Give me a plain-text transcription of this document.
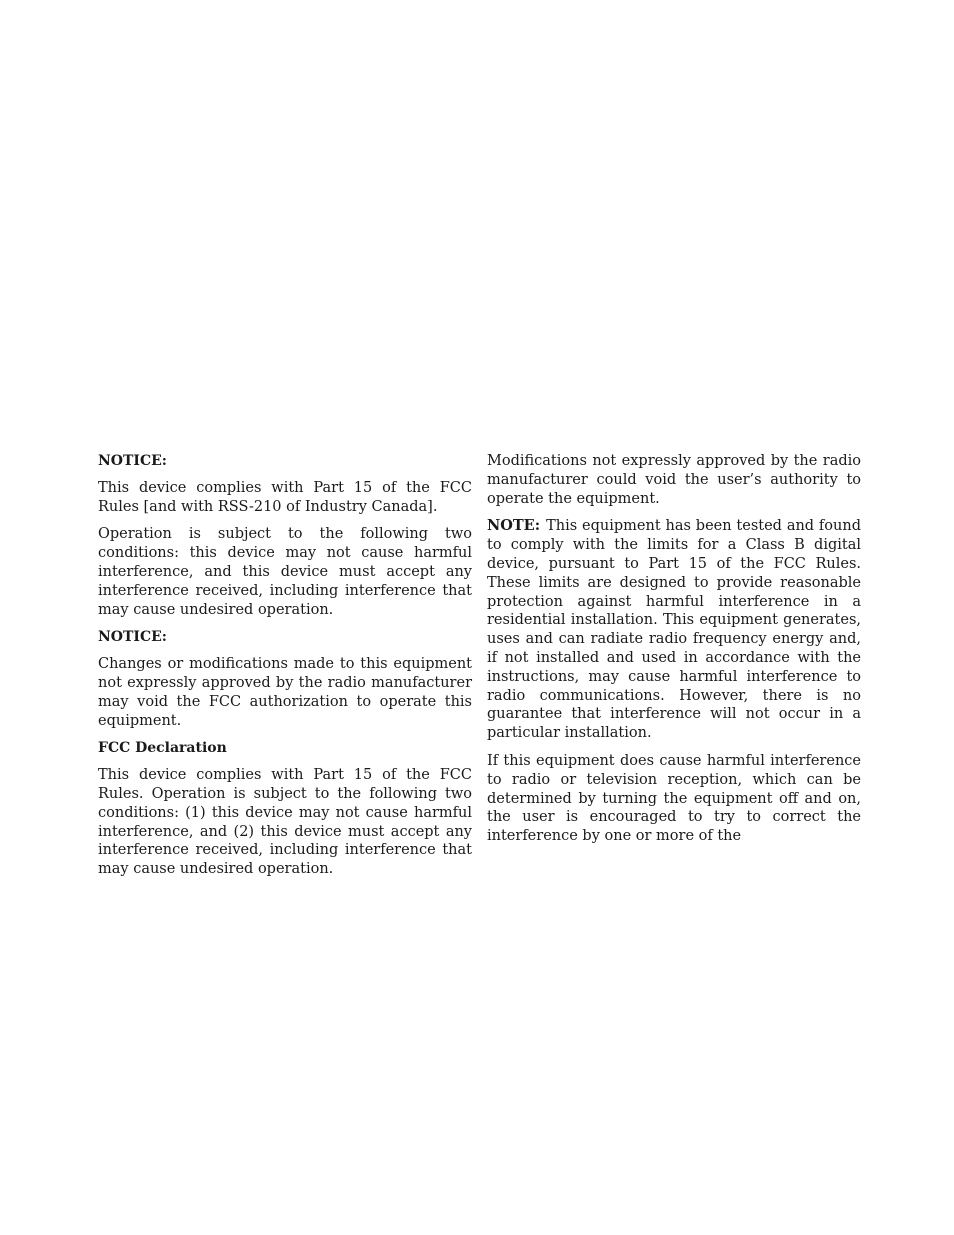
NOTICE:

This device complies with Part 15 of the FCC Rules [and with RSS-210 of Industry Canada].

Operation is subject to the following two conditions: this device may not cause harmful interference, and this device must accept any interference received, including interference that may cause undesired operation.

NOTICE:

Changes or modifications made to this equipment not expressly approved by the radio manufacturer may void the FCC authorization to operate this equipment.

FCC Declaration

This device complies with Part 15 of the FCC Rules. Operation is subject to the following two conditions: (1) this device may not cause harmful interference, and (2) this device must accept any interference received, including interference that may cause undesired operation.

Modifications not expressly approved by the radio manufacturer could void the user’s authority to operate the equipment.

NOTE: This equipment has been tested and found to comply with the limits for a Class B digital device, pursuant to Part 15 of the FCC Rules. These limits are designed to provide reasonable protection against harmful interference in a residential installation. This equipment generates, uses and can radiate radio frequency energy and, if not installed and used in accordance with the instructions, may cause harmful interference to radio communications. However, there is no guarantee that interference will not occur in a particular installation.

If this equipment does cause harmful interference to radio or television reception, which can be determined by turning the equipment off and on, the user is encouraged to try to correct the interference by one or more of the
